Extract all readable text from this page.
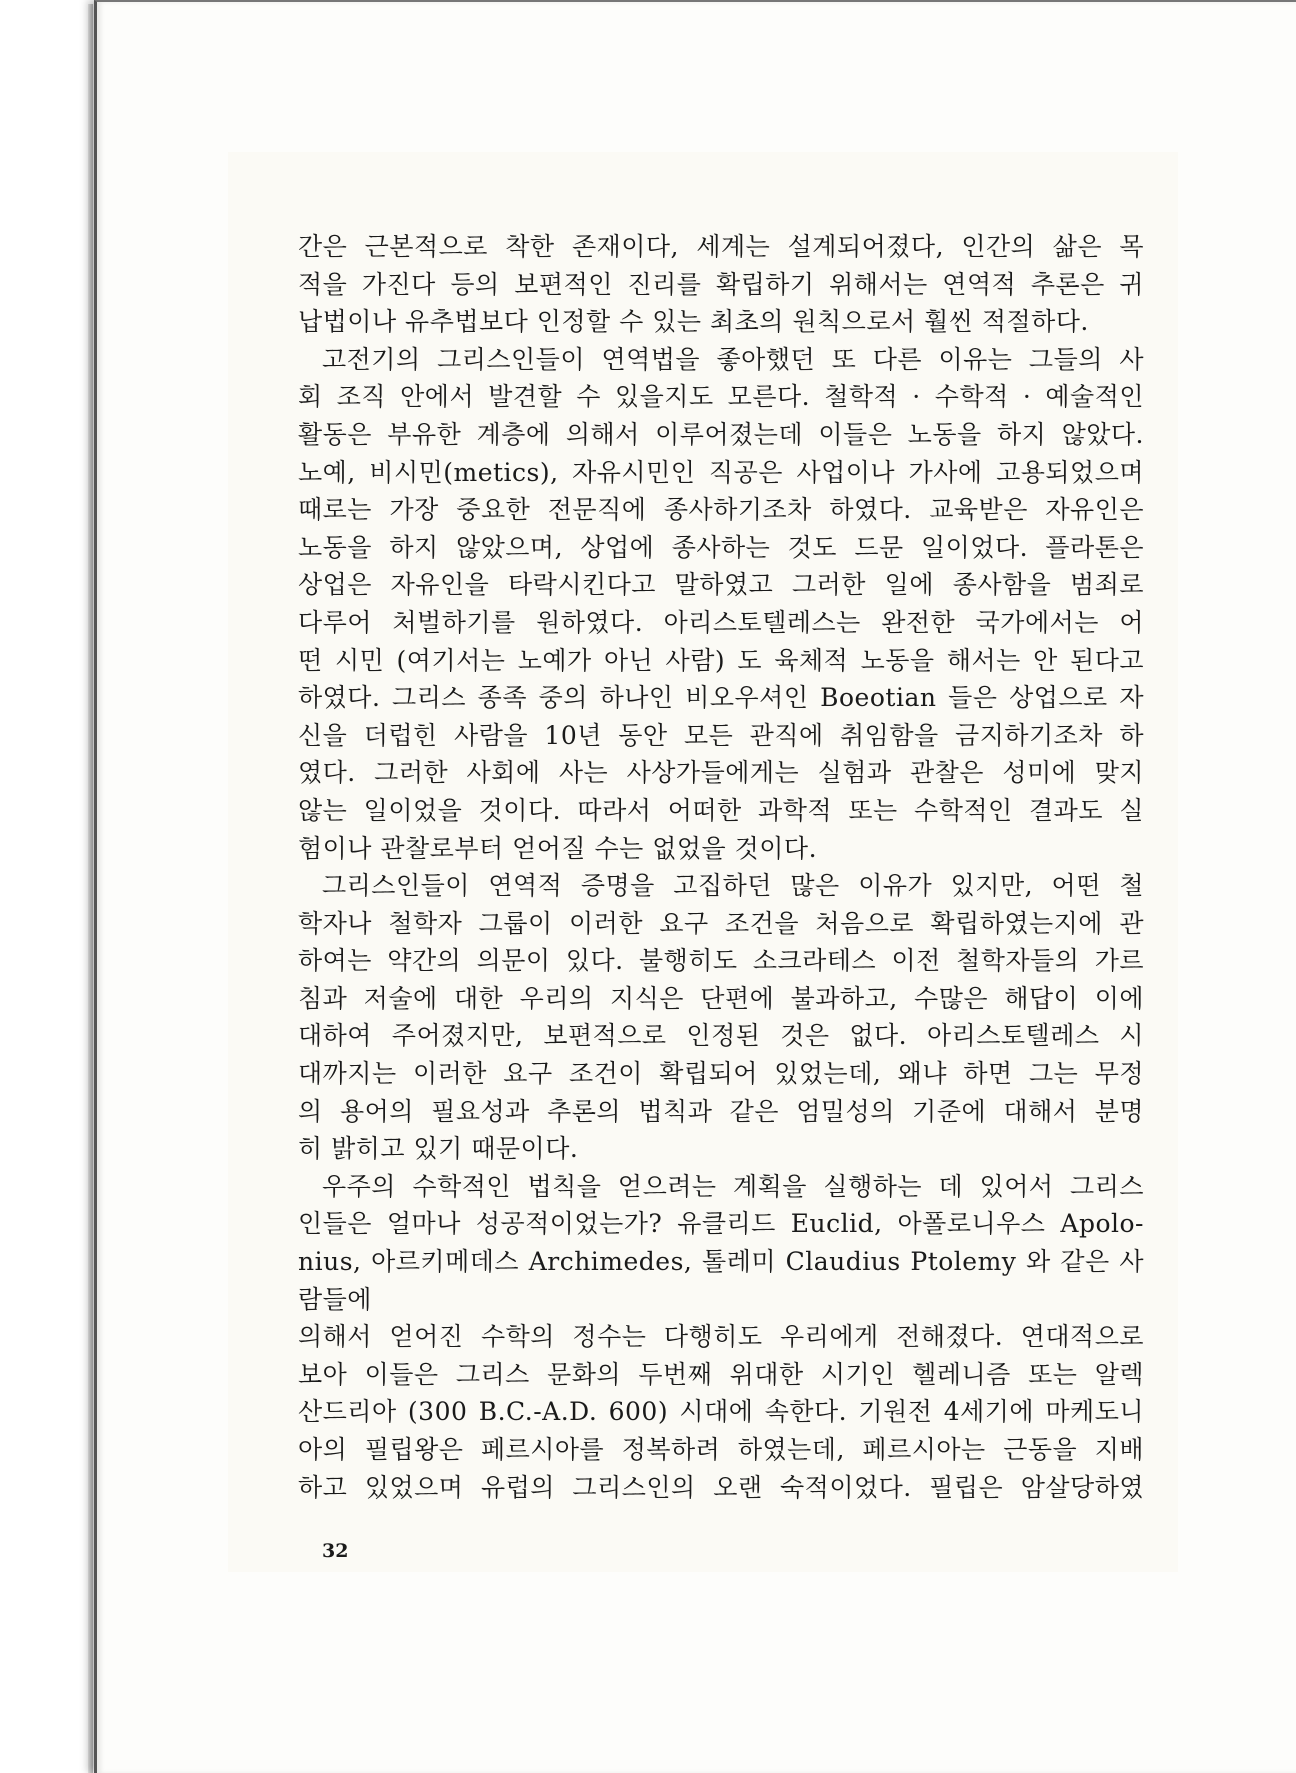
간은 근본적으로 착한 존재이다, 세계는 설계되어졌다, 인간의 삶은 목
적을 가진다 등의 보편적인 진리를 확립하기 위해서는 연역적 추론은 귀
납법이나 유추법보다 인정할 수 있는 최초의 원칙으로서 훨씬 적절하다.

고전기의 그리스인들이 연역법을 좋아했던 또 다른 이유는 그들의 사
회 조직 안에서 발견할 수 있을지도 모른다. 철학적 · 수학적 · 예술적인
활동은 부유한 계층에 의해서 이루어졌는데 이들은 노동을 하지 않았다.
노예, 비시민(metics), 자유시민인 직공은 사업이나 가사에 고용되었으며
때로는 가장 중요한 전문직에 종사하기조차 하였다. 교육받은 자유인은
노동을 하지 않았으며, 상업에 종사하는 것도 드문 일이었다. 플라톤은
상업은 자유인을 타락시킨다고 말하였고 그러한 일에 종사함을 범죄로
다루어 처벌하기를 원하였다. 아리스토텔레스는 완전한 국가에서는 어
떤 시민 (여기서는 노예가 아닌 사람) 도 육체적 노동을 해서는 안 된다고
하였다. 그리스 종족 중의 하나인 비오우셔인 Boeotian 들은 상업으로 자
신을 더럽힌 사람을 10년 동안 모든 관직에 취임함을 금지하기조차 하
였다. 그러한 사회에 사는 사상가들에게는 실험과 관찰은 성미에 맞지
않는 일이었을 것이다. 따라서 어떠한 과학적 또는 수학적인 결과도 실
험이나 관찰로부터 얻어질 수는 없었을 것이다.

그리스인들이 연역적 증명을 고집하던 많은 이유가 있지만, 어떤 철
학자나 철학자 그룹이 이러한 요구 조건을 처음으로 확립하였는지에 관
하여는 약간의 의문이 있다. 불행히도 소크라테스 이전 철학자들의 가르
침과 저술에 대한 우리의 지식은 단편에 불과하고, 수많은 해답이 이에
대하여 주어졌지만, 보편적으로 인정된 것은 없다. 아리스토텔레스 시
대까지는 이러한 요구 조건이 확립되어 있었는데, 왜냐 하면 그는 무정
의 용어의 필요성과 추론의 법칙과 같은 엄밀성의 기준에 대해서 분명
히 밝히고 있기 때문이다.

우주의 수학적인 법칙을 얻으려는 계획을 실행하는 데 있어서 그리스
인들은 얼마나 성공적이었는가? 유클리드 Euclid, 아폴로니우스 Apolo-
nius, 아르키메데스 Archimedes, 톨레미 Claudius Ptolemy 와 같은 사람들에
의해서 얻어진 수학의 정수는 다행히도 우리에게 전해졌다. 연대적으로
보아 이들은 그리스 문화의 두번째 위대한 시기인 헬레니즘 또는 알렉
산드리아 (300 B.C.-A.D. 600) 시대에 속한다. 기원전 4세기에 마케도니
아의 필립왕은 페르시아를 정복하려 하였는데, 페르시아는 근동을 지배
하고 있었으며 유럽의 그리스인의 오랜 숙적이었다. 필립은 암살당하였

32
